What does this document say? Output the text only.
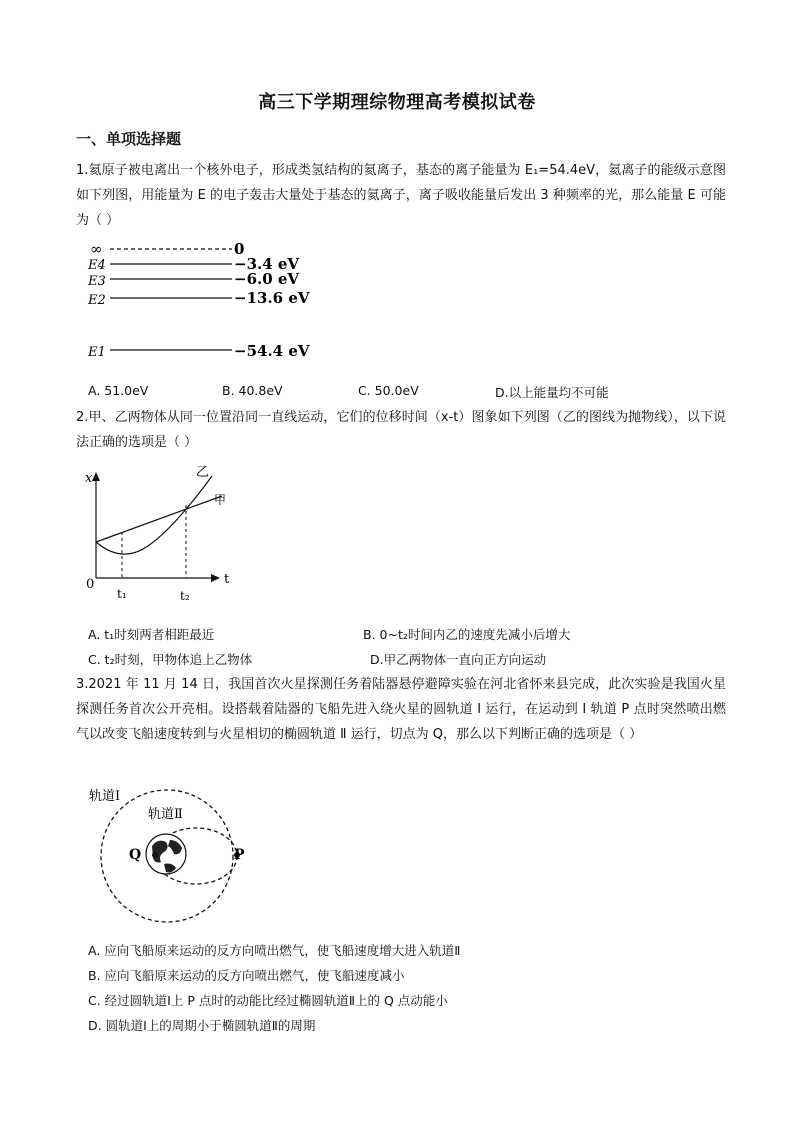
高三下学期理综物理高考模拟试卷
一、单项选择题
1.氦原子被电离出一个核外电子，形成类氢结构的氦离子，基态的离子能量为 E₁=54.4eV，氦离子的能级示意图如下列图，用能量为 E 的电子轰击大量处于基态的氦离子，离子吸收能量后发出 3 种频率的光，那么能量 E 可能为（ ）
∞	0
E4	−3.4 eV
E3	−6.0 eV
E2	−13.6 eV
E1	−54.4 eV
A. 51.0eV	B. 40.8eV	C. 50.0eV	D.以上能量均不可能
2.甲、乙两物体从同一位置沿同一直线运动，它们的位移时间（x-t）图象如下列图（乙的图线为抛物线），以下说法正确的选项是（ ）
x
t
0
t₁	t₂
乙
甲
A. t₁时刻两者相距最近	B. 0~t₂时间内乙的速度先减小后增大
C. t₂时刻，甲物体追上乙物体	D.甲乙两物体一直向正方向运动
3.2021 年 11 月 14 日，我国首次火星探测任务着陆器悬停避障实验在河北省怀来县完成，此次实验是我国火星探测任务首次公开亮相。设搭载着陆器的飞船先进入绕火星的圆轨道 I 运行，在运动到 I 轨道 P 点时突然喷出燃气以改变飞船速度转到与火星相切的椭圆轨道 Ⅱ 运行，切点为 Q，那么以下判断正确的选项是（ ）
轨道Ⅰ
轨道Ⅱ
Q	P
A. 应向飞船原来运动的反方向喷出燃气，使飞船速度增大进入轨道Ⅱ
B. 应向飞船原来运动的反方向喷出燃气，使飞船速度减小
C. 经过圆轨道Ⅰ上 P 点时的动能比经过椭圆轨道Ⅱ上的 Q 点动能小
D. 圆轨道Ⅰ上的周期小于椭圆轨道Ⅱ的周期
